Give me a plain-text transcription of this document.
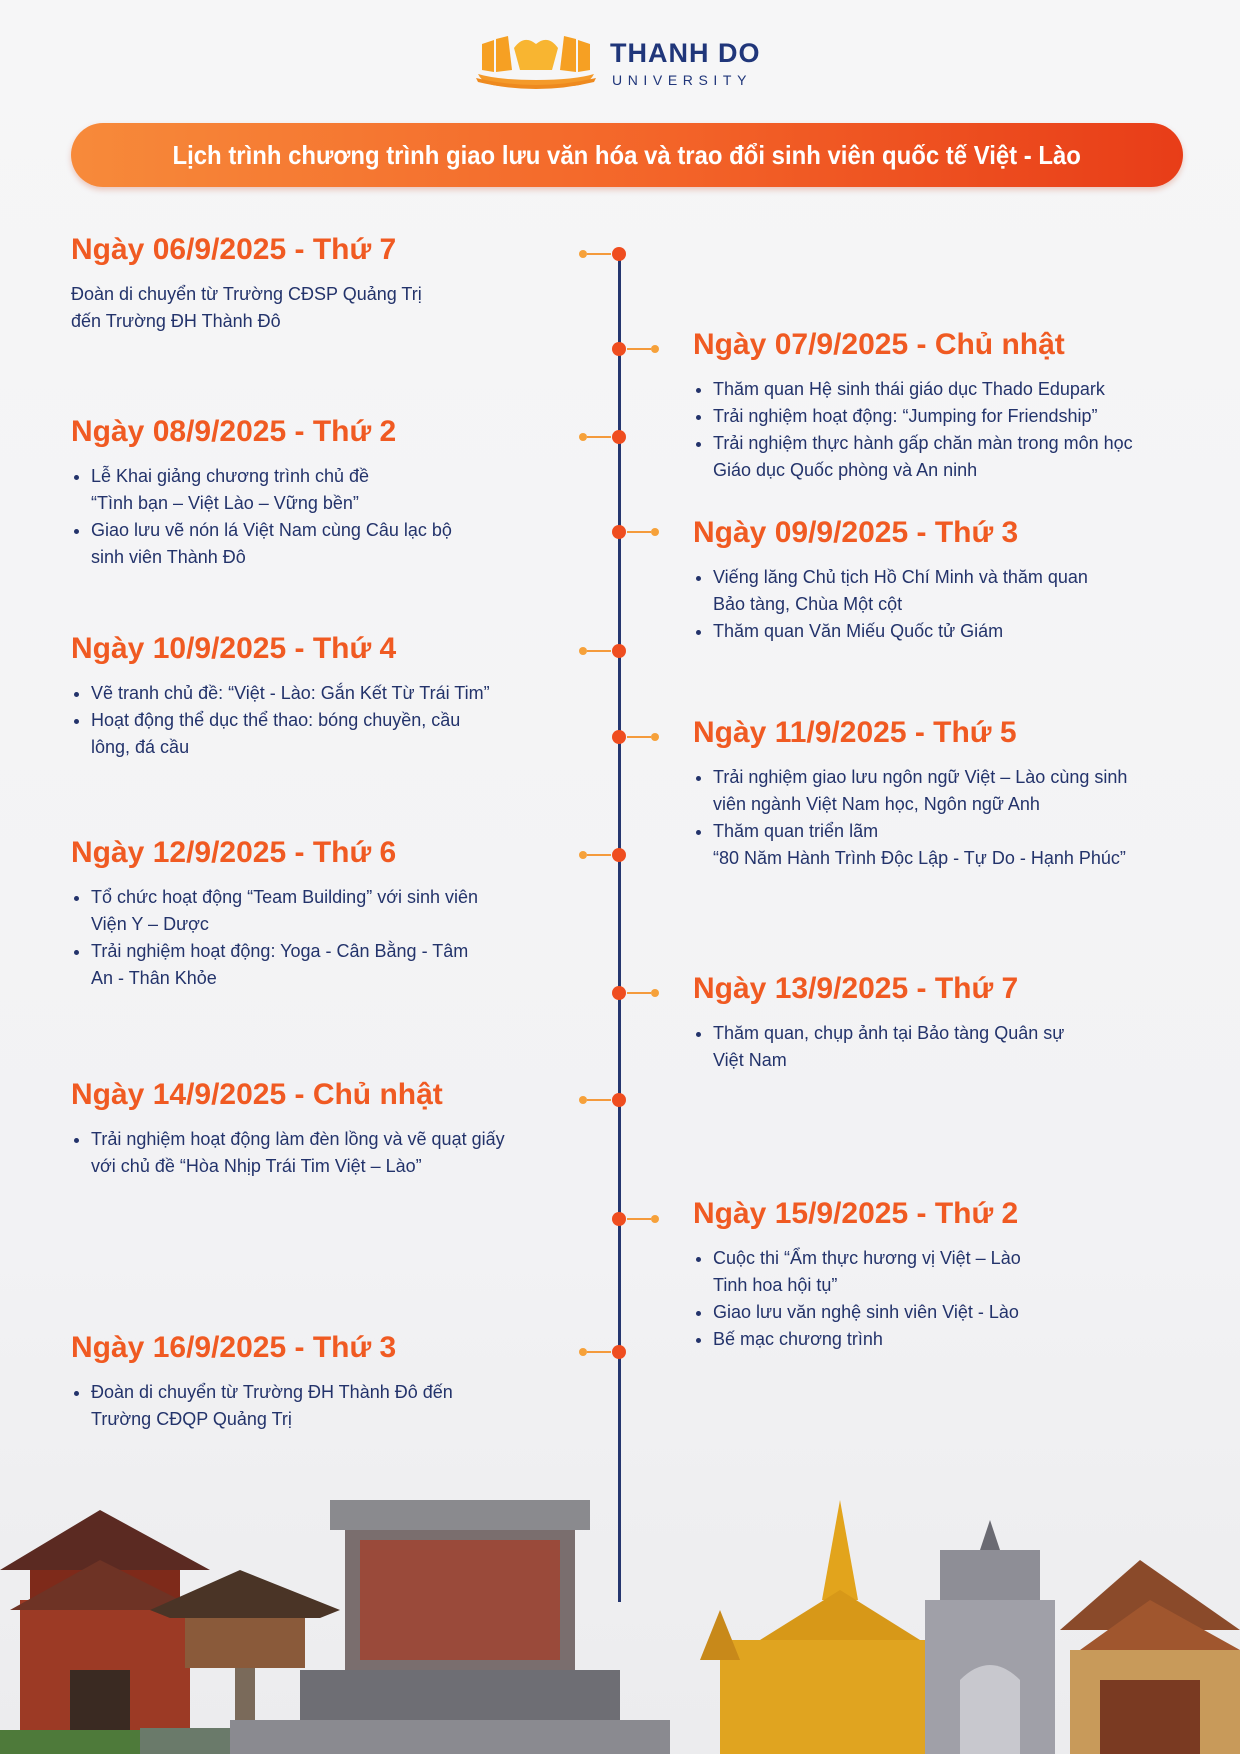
THANH DO

UNIVERSITY

Lịch trình chương trình giao lưu văn hóa và trao đổi sinh viên quốc tế Việt - Lào
Ngày 06/9/2025 - Thứ 7

Đoàn di chuyển từ Trường CĐSP Quảng Trị
đến Trường ĐH Thành Đô

Ngày 07/9/2025 - Chủ nhật
Thăm quan Hệ sinh thái giáo dục Thado Edupark
Trải nghiệm hoạt động: “Jumping for Friendship”
Trải nghiệm thực hành gấp chăn màn trong môn học
Giáo dục Quốc phòng và An ninh
Ngày 08/9/2025 - Thứ 2
Lễ Khai giảng chương trình chủ đề
“Tình bạn – Việt Lào – Vững bền”
Giao lưu vẽ nón lá Việt Nam cùng Câu lạc bộ
sinh viên Thành Đô
Ngày 09/9/2025 - Thứ 3
Viếng lăng Chủ tịch Hồ Chí Minh và thăm quan
Bảo tàng, Chùa Một cột
Thăm quan Văn Miếu Quốc tử Giám
Ngày 10/9/2025 - Thứ 4
Vẽ tranh chủ đề: “Việt - Lào: Gắn Kết Từ Trái Tim”
Hoạt động thể dục thể thao: bóng chuyền, cầu
lông, đá cầu	Ngày 11/9/2025 - Thứ 5
Trải nghiệm giao lưu ngôn ngữ Việt – Lào cùng sinh
viên ngành Việt Nam học, Ngôn ngữ Anh
Thăm quan triển lãm
“80 Năm Hành Trình Độc Lập - Tự Do - Hạnh Phúc”
Ngày 12/9/2025 - Thứ 6
Tổ chức hoạt động “Team Building” với sinh viên
Viện Y – Dược
Trải nghiệm hoạt động: Yoga - Cân Bằng - Tâm
An - Thân Khỏe	Ngày 13/9/2025 - Thứ 7
Thăm quan, chụp ảnh tại Bảo tàng Quân sự
Việt Nam
Ngày 14/9/2025 - Chủ nhật
Trải nghiệm hoạt động làm đèn lồng và vẽ quạt giấy
với chủ đề “Hòa Nhịp Trái Tim Việt – Lào”
Ngày 15/9/2025 - Thứ 2
Cuộc thi “Ẩm thực hương vị Việt – Lào
Tinh hoa hội tụ”
Giao lưu văn nghệ sinh viên Việt - Lào
Bế mạc chương trình
Ngày 16/9/2025 - Thứ 3
Đoàn di chuyển từ Trường ĐH Thành Đô đến
Trường CĐQP Quảng Trị
